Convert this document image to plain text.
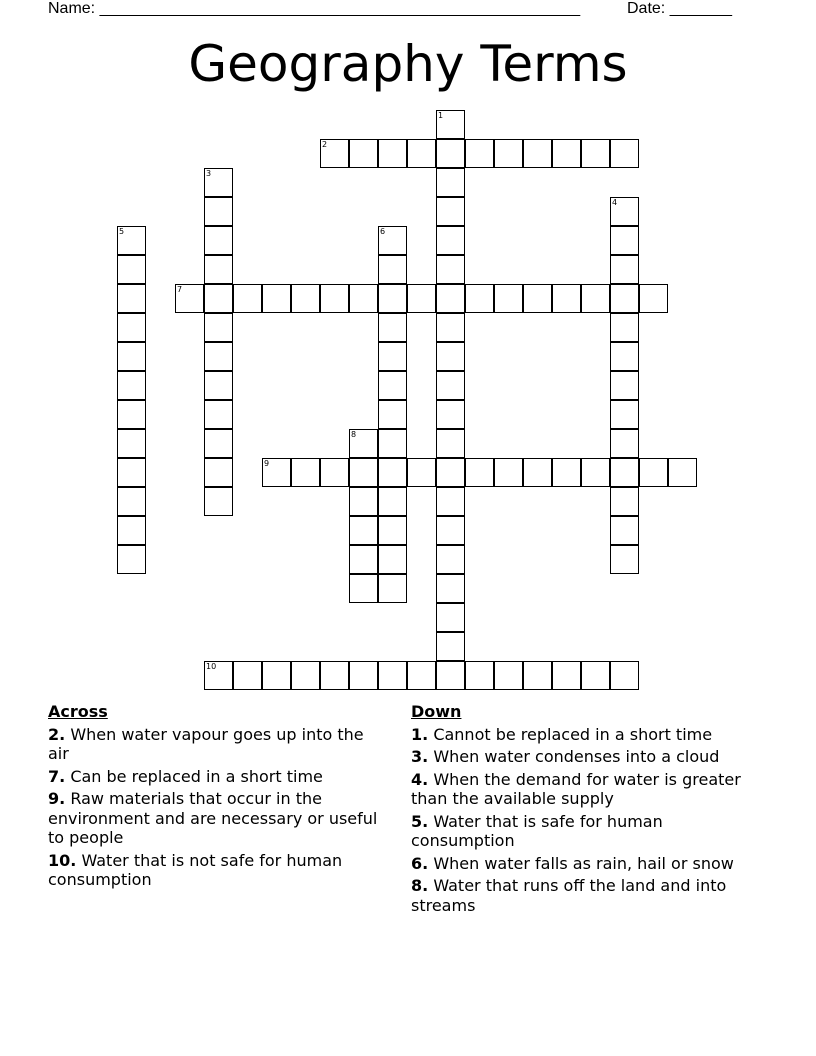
Name: ______________________________________________________	Date: _______
Geography Terms
1
2
3
4
5	6
7
8
9
10
Across
2. When water vapour goes up into the air
7. Can be replaced in a short time
9. Raw materials that occur in the environment and are necessary or useful to people
10. Water that is not safe for human consumption
Down
1. Cannot be replaced in a short time
3. When water condenses into a cloud
4. When the demand for water is greater than the available supply
5. Water that is safe for human consumption
6. When water falls as rain, hail or snow
8. Water that runs off the land and into streams
